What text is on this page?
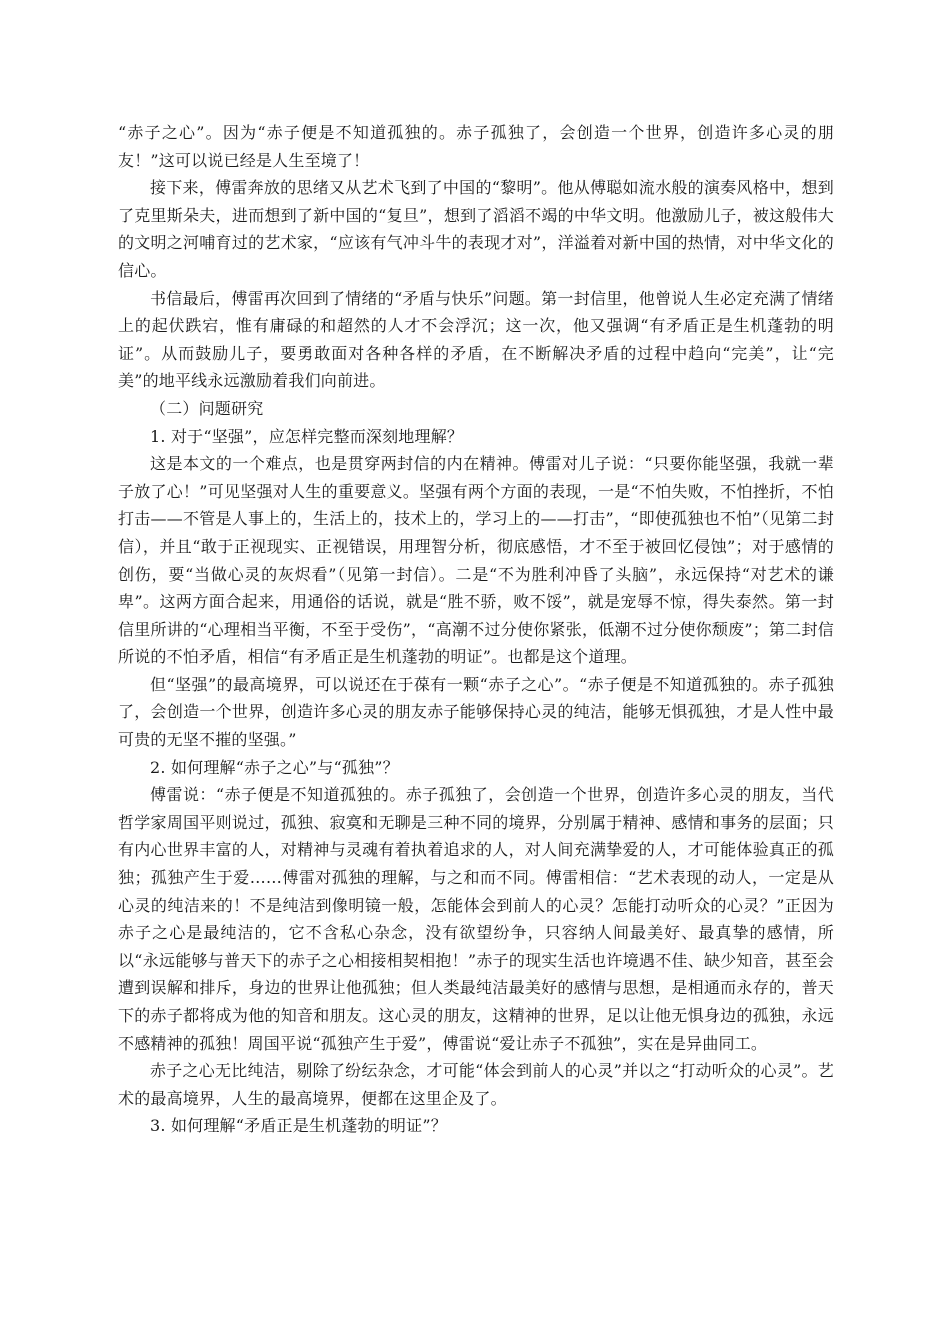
“赤子之心”。因为“赤子便是不知道孤独的。赤子孤独了，会创造一个世界，创造许多心灵的朋友！”这可以说已经是人生至境了！

接下来，傅雷奔放的思绪又从艺术飞到了中国的“黎明”。他从傅聪如流水般的演奏风格中，想到了克里斯朵夫，进而想到了新中国的“复旦”，想到了滔滔不竭的中华文明。他激励儿子，被这般伟大的文明之河哺育过的艺术家，“应该有气冲斗牛的表现才对”，洋溢着对新中国的热情，对中华文化的信心。

书信最后，傅雷再次回到了情绪的“矛盾与快乐”问题。第一封信里，他曾说人生必定充满了情绪上的起伏跌宕，惟有庸碌的和超然的人才不会浮沉；这一次，他又强调“有矛盾正是生机蓬勃的明证”。从而鼓励儿子，要勇敢面对各种各样的矛盾，在不断解决矛盾的过程中趋向“完美”，让“完美”的地平线永远激励着我们向前进。

（二）问题研究

1. 对于“坚强”，应怎样完整而深刻地理解？

这是本文的一个难点，也是贯穿两封信的内在精神。傅雷对儿子说：“只要你能坚强，我就一辈子放了心！”可见坚强对人生的重要意义。坚强有两个方面的表现，一是“不怕失败，不怕挫折，不怕打击——不管是人事上的，生活上的，技术上的，学习上的——打击”，“即使孤独也不怕”（见第二封信），并且“敢于正视现实、正视错误，用理智分析，彻底感悟，才不至于被回忆侵蚀”；对于感情的创伤，要“当做心灵的灰烬看”（见第一封信）。二是“不为胜利冲昏了头脑”，永远保持“对艺术的谦卑”。这两方面合起来，用通俗的话说，就是“胜不骄，败不馁”，就是宠辱不惊，得失泰然。第一封信里所讲的“心理相当平衡，不至于受伤”，“高潮不过分使你紧张，低潮不过分使你颓废”；第二封信所说的不怕矛盾，相信“有矛盾正是生机蓬勃的明证”。也都是这个道理。

但“坚强”的最高境界，可以说还在于葆有一颗“赤子之心”。“赤子便是不知道孤独的。赤子孤独了，会创造一个世界，创造许多心灵的朋友赤子能够保持心灵的纯洁，能够无惧孤独，才是人性中最可贵的无坚不摧的坚强。”

2. 如何理解“赤子之心”与“孤独”？

傅雷说：“赤子便是不知道孤独的。赤子孤独了，会创造一个世界，创造许多心灵的朋友，当代哲学家周国平则说过，孤独、寂寞和无聊是三种不同的境界，分别属于精神、感情和事务的层面；只有内心世界丰富的人，对精神与灵魂有着执着追求的人，对人间充满挚爱的人，才可能体验真正的孤独；孤独产生于爱……傅雷对孤独的理解，与之和而不同。傅雷相信：“艺术表现的动人，一定是从心灵的纯洁来的！不是纯洁到像明镜一般，怎能体会到前人的心灵？怎能打动听众的心灵？”正因为赤子之心是最纯洁的，它不含私心杂念，没有欲望纷争，只容纳人间最美好、最真挚的感情，所以“永远能够与普天下的赤子之心相接相契相抱！”赤子的现实生活也许境遇不佳、缺少知音，甚至会遭到误解和排斥，身边的世界让他孤独；但人类最纯洁最美好的感情与思想，是相通而永存的，普天下的赤子都将成为他的知音和朋友。这心灵的朋友，这精神的世界，足以让他无惧身边的孤独，永远不感精神的孤独！周国平说“孤独产生于爱”，傅雷说“爱让赤子不孤独”，实在是异曲同工。

赤子之心无比纯洁，剔除了纷纭杂念，才可能“体会到前人的心灵”并以之“打动听众的心灵”。艺术的最高境界，人生的最高境界，便都在这里企及了。

3. 如何理解“矛盾正是生机蓬勃的明证”？
